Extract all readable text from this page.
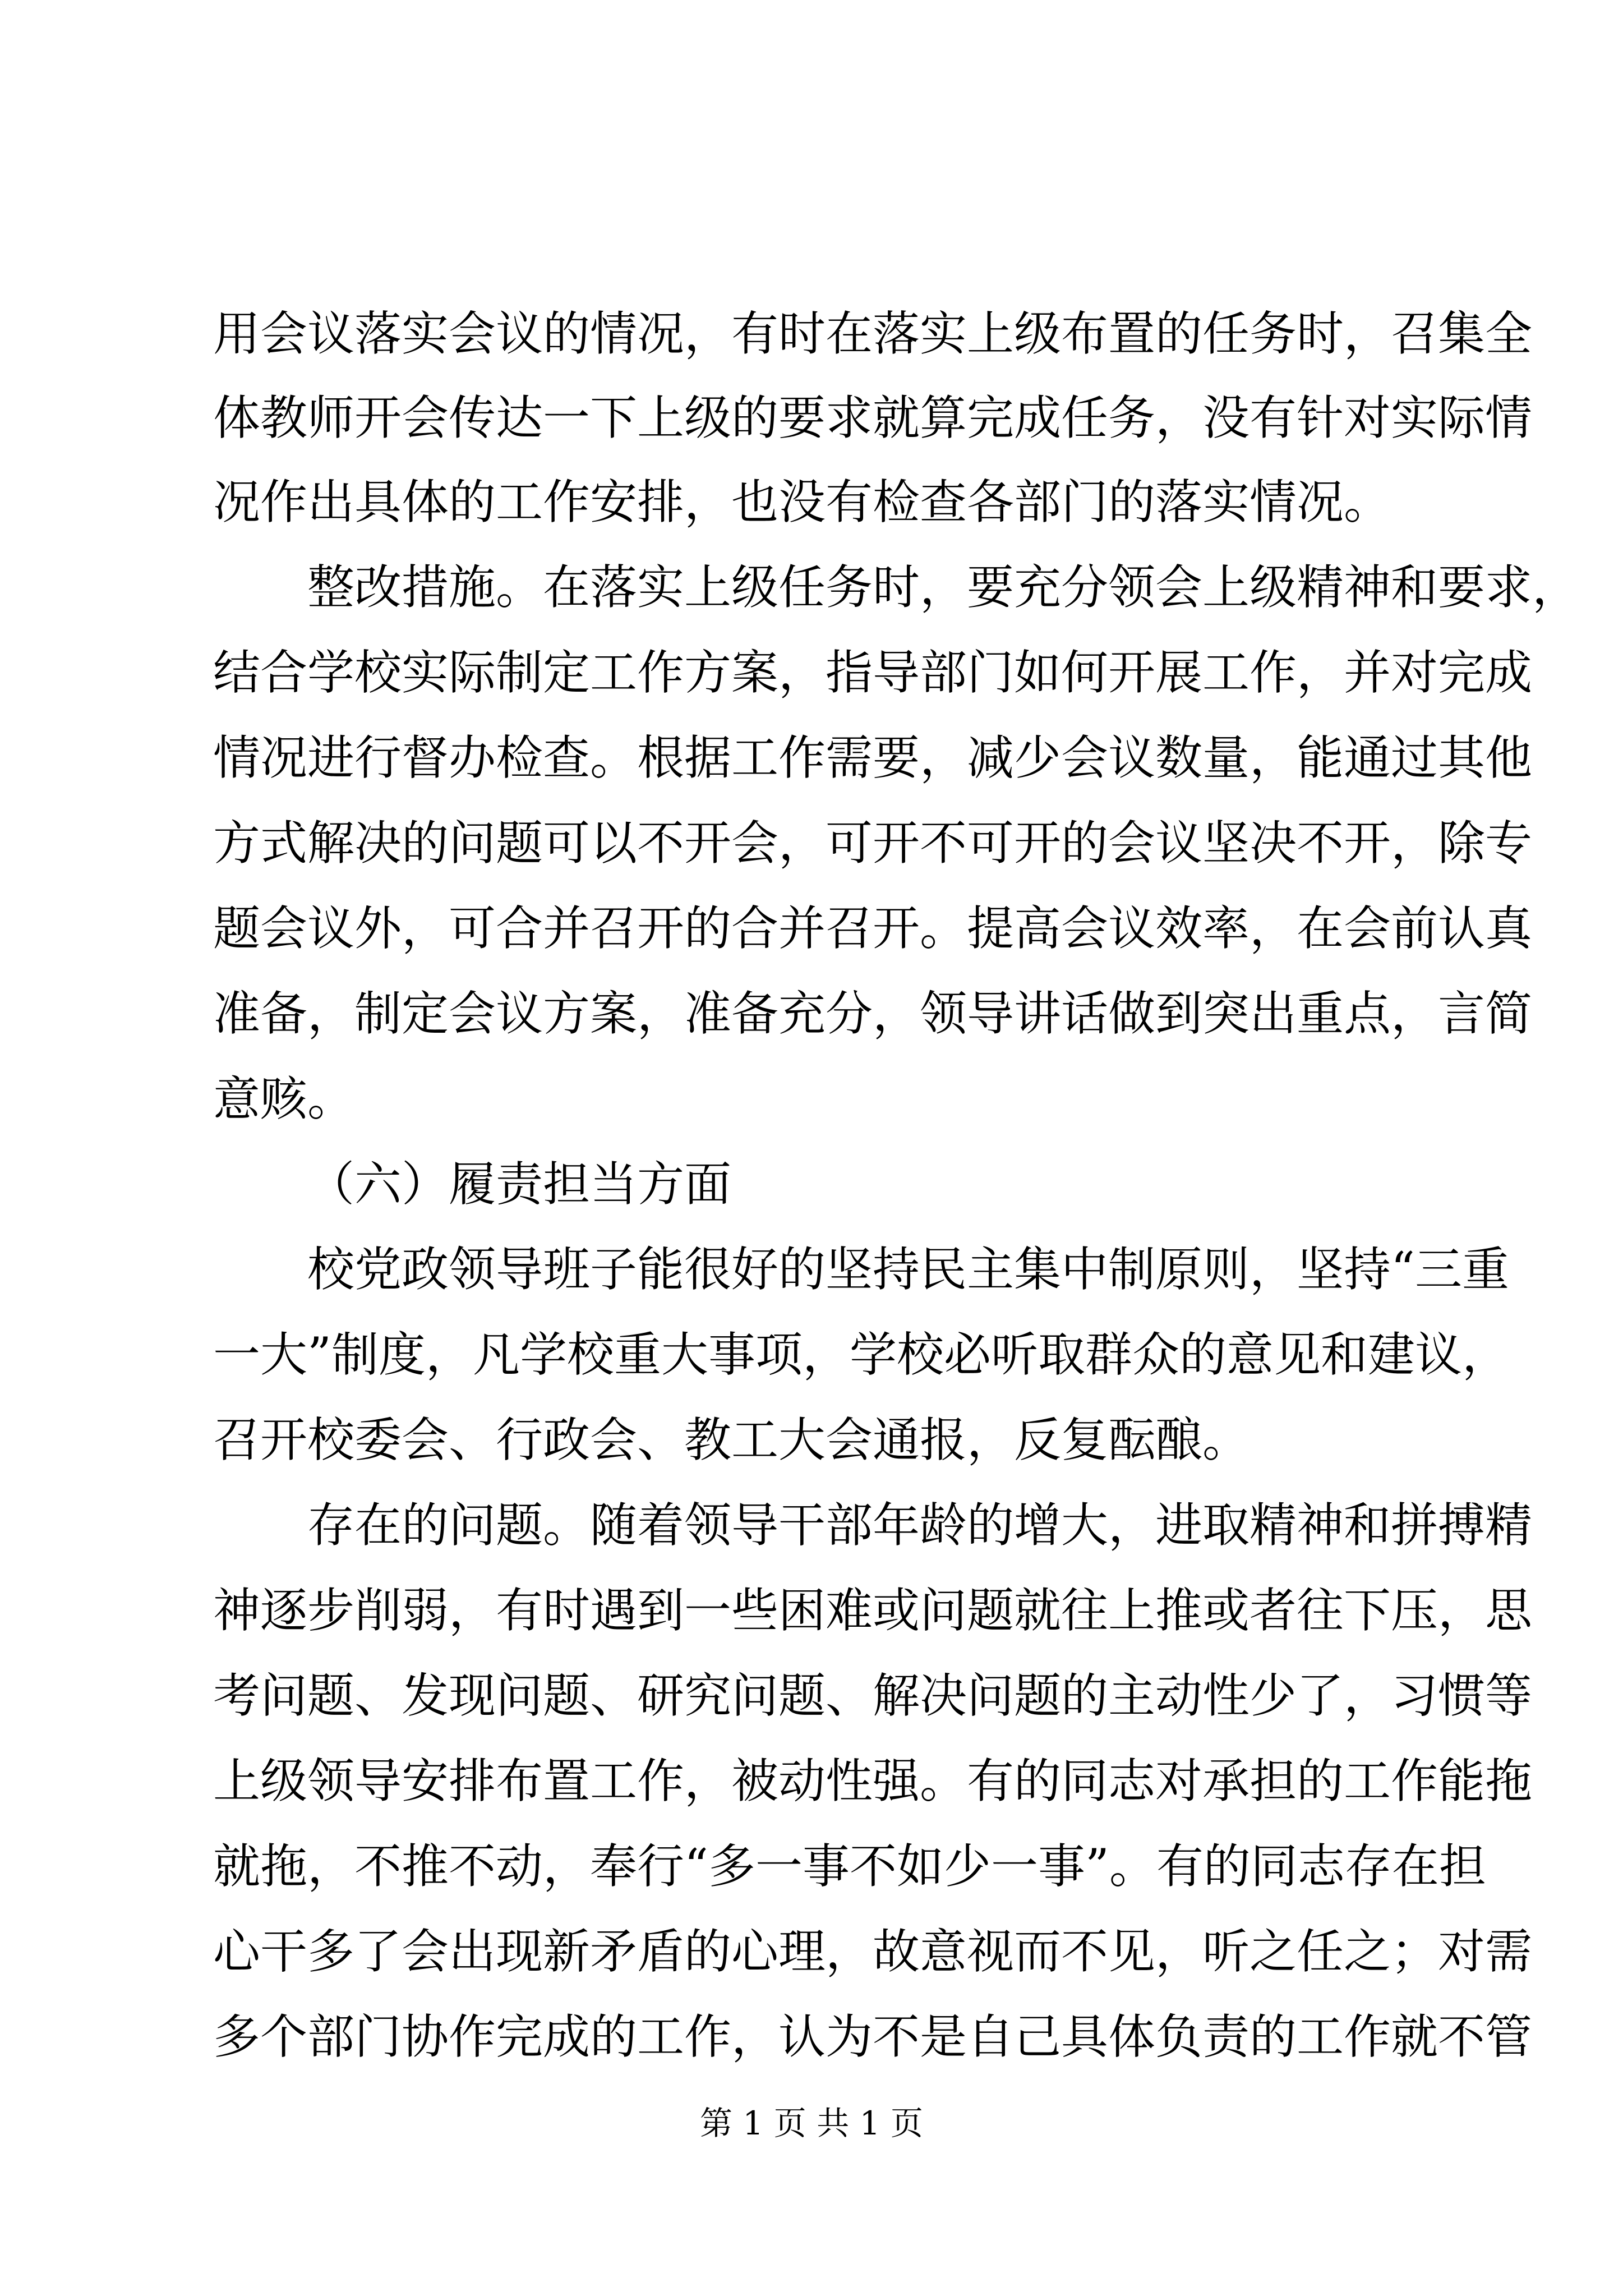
用会议落实会议的情况，有时在落实上级布置的任务时，召集全
体教师开会传达一下上级的要求就算完成任务，没有针对实际情
况作出具体的工作安排，也没有检查各部门的落实情况。
整改措施。在落实上级任务时，要充分领会上级精神和要求，
结合学校实际制定工作方案，指导部门如何开展工作，并对完成
情况进行督办检查。根据工作需要，减少会议数量，能通过其他
方式解决的问题可以不开会，可开不可开的会议坚决不开，除专
题会议外，可合并召开的合并召开。提高会议效率，在会前认真
准备，制定会议方案，准备充分，领导讲话做到突出重点，言简
意赅。
（六）履责担当方面
校党政领导班子能很好的坚持民主集中制原则，坚持“三重
一大”制度，凡学校重大事项，学校必听取群众的意见和建议，
召开校委会、行政会、教工大会通报，反复酝酿。
存在的问题。随着领导干部年龄的增大，进取精神和拼搏精
神逐步削弱，有时遇到一些困难或问题就往上推或者往下压，思
考问题、发现问题、研究问题、解决问题的主动性少了，习惯等
上级领导安排布置工作，被动性强。有的同志对承担的工作能拖
就拖，不推不动，奉行“多一事不如少一事”。有的同志存在担
心干多了会出现新矛盾的心理，故意视而不见，听之任之；对需
多个部门协作完成的工作，认为不是自己具体负责的工作就不管
第 1 页 共 1 页
